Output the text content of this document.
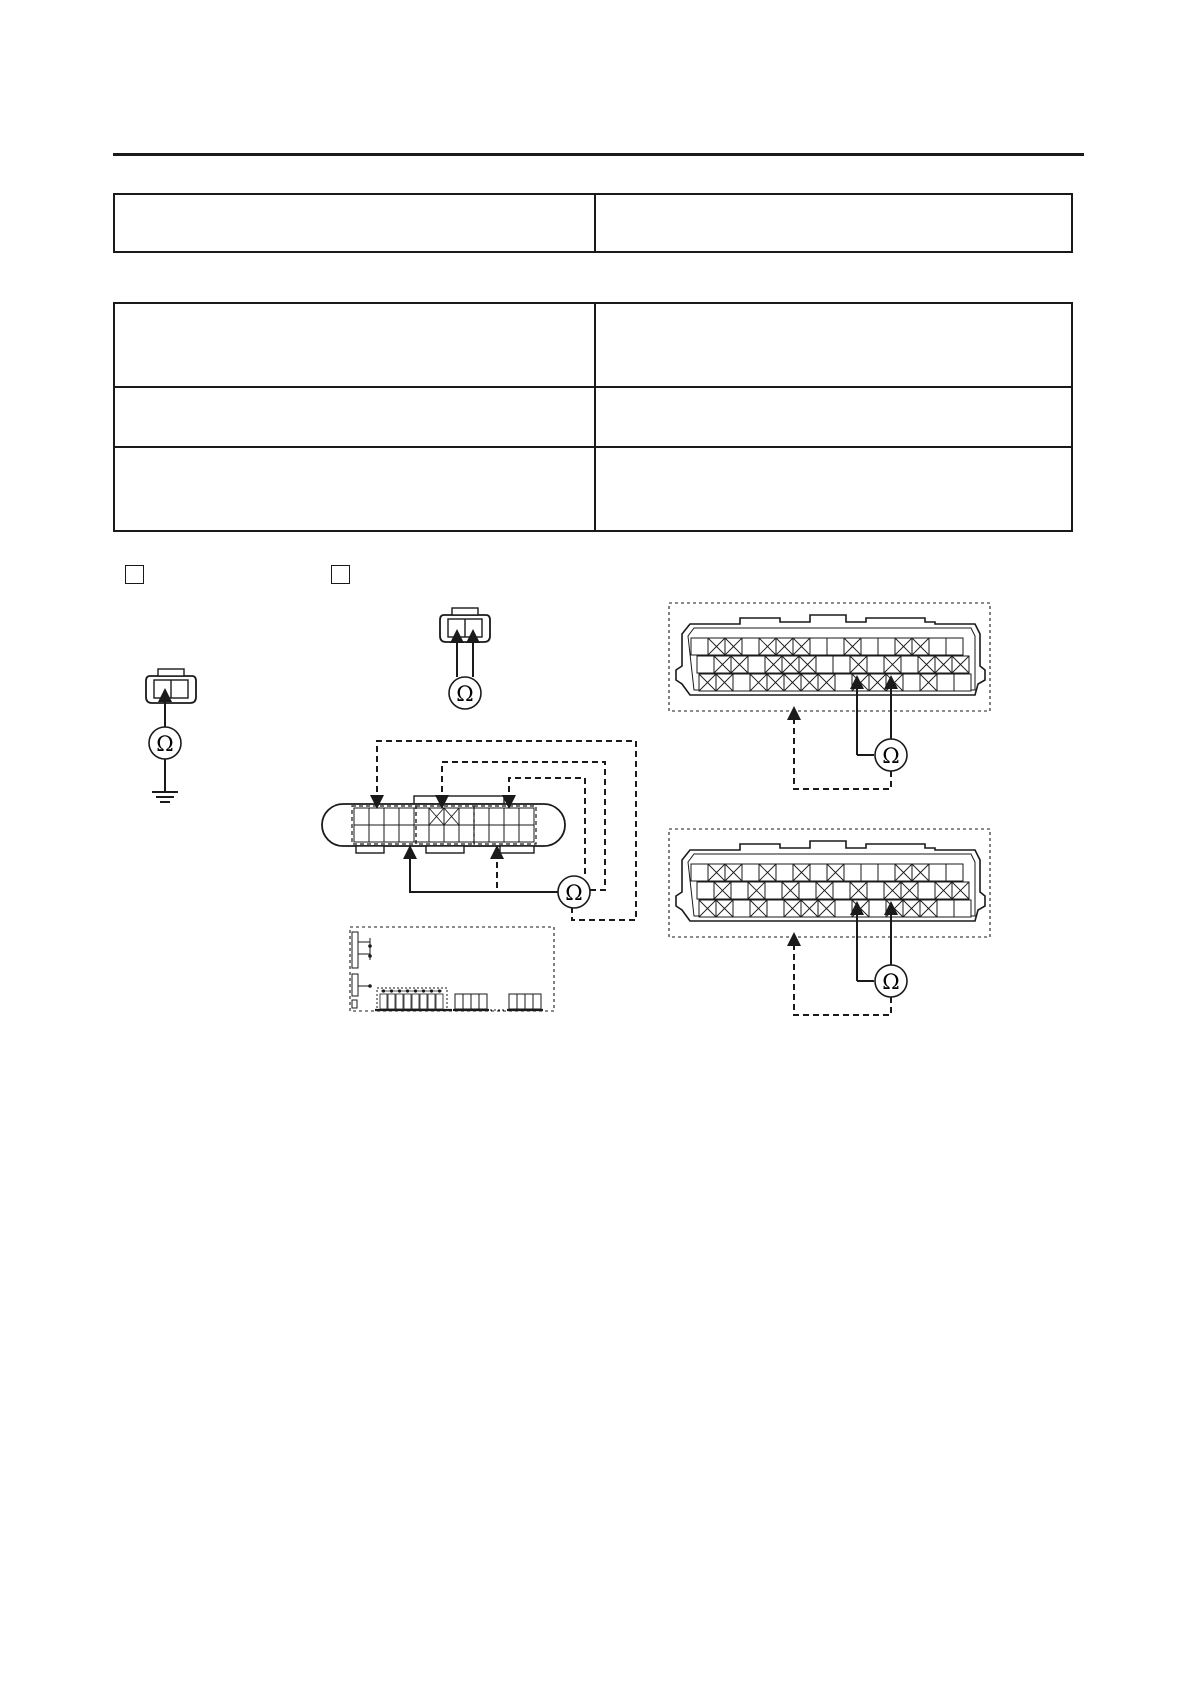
Ω
Ω
Ω
Ω
Ω
